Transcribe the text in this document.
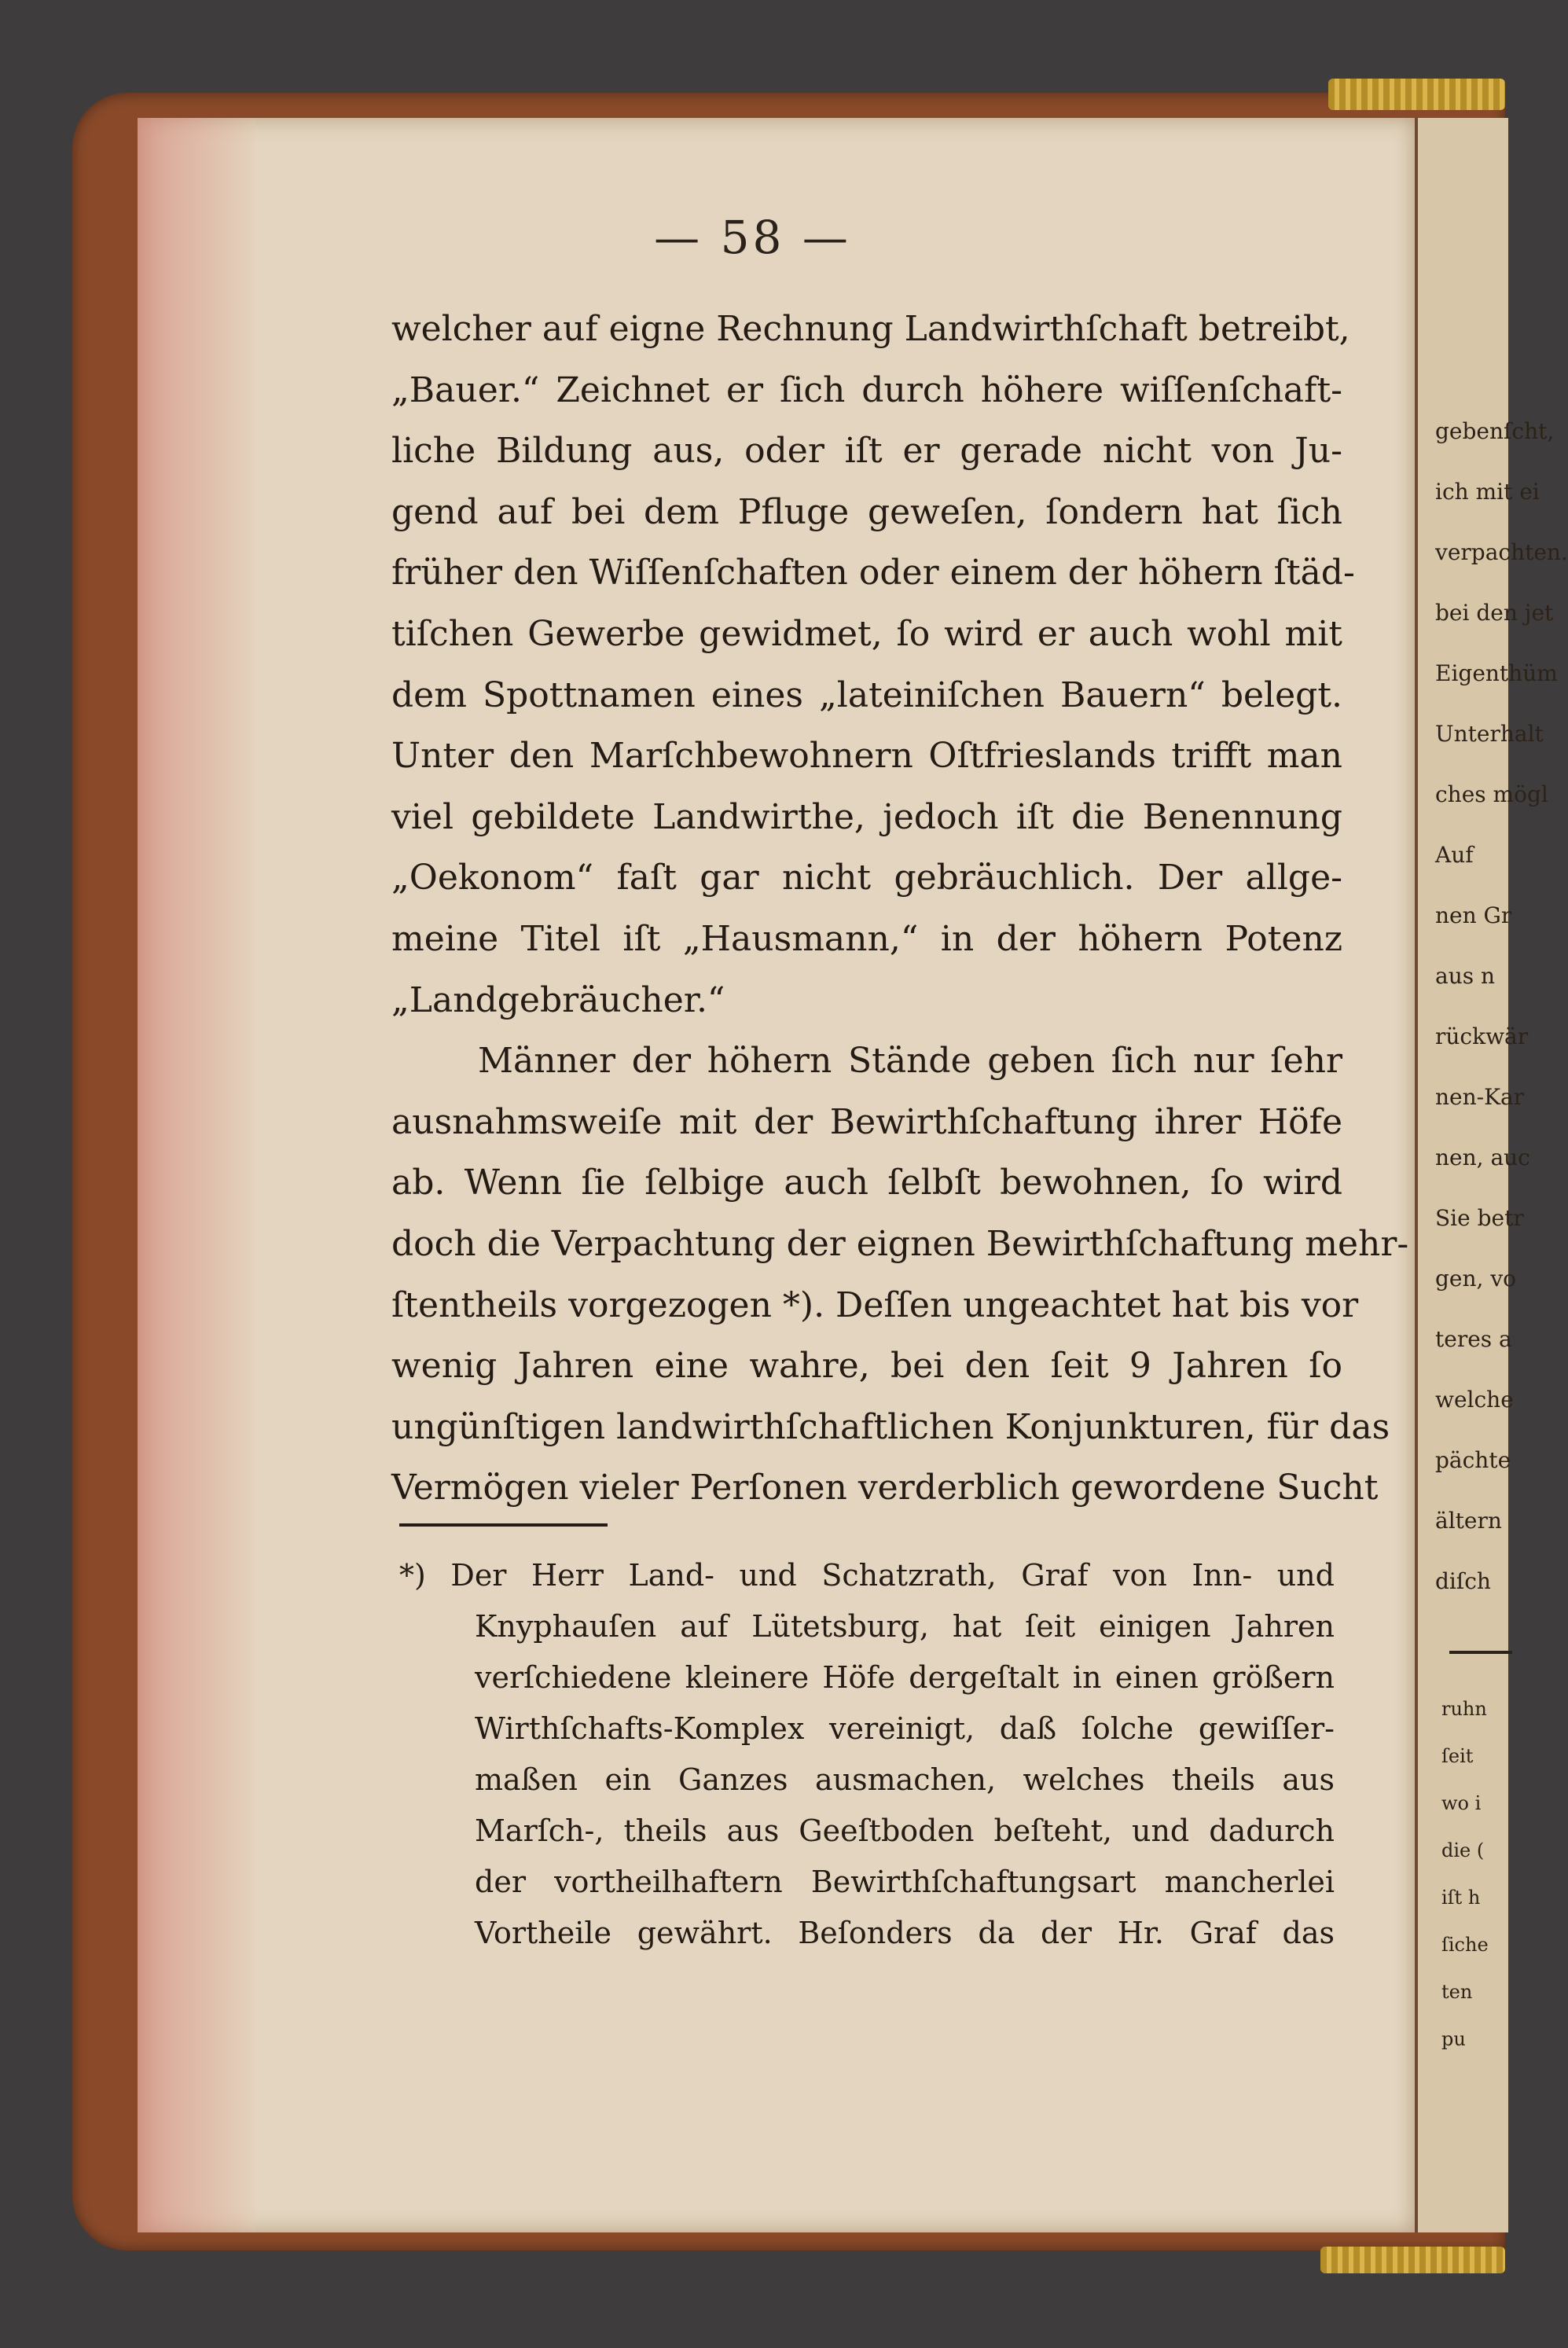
gebenſcht,
ich mit ei
verpachten.
bei den jet
Eigenthüm
Unterhalt
ches mögl
Auf
nen Gr
aus n
rückwär
nen-Kar
nen, auc
Sie betr
gen, vo
teres a
welche
pächte
ältern
diſch
ruhn
ſeit
wo i
die (
iſt h
ſiche
ten
pu
— 58 —
welcher auf eigne Rechnung Landwirthſchaft betreibt,
„Bauer.“ Zeichnet er ſich durch höhere wiſſenſchaft-
liche Bildung aus, oder iſt er gerade nicht von Ju-
gend auf bei dem Pfluge geweſen, ſondern hat ſich
früher den Wiſſenſchaften oder einem der höhern ſtäd-
tiſchen Gewerbe gewidmet, ſo wird er auch wohl mit
dem Spottnamen eines „lateiniſchen Bauern“ belegt.
Unter den Marſchbewohnern Oſtfrieslands trifft man
viel gebildete Landwirthe, jedoch iſt die Benennung
„Oekonom“ faſt gar nicht gebräuchlich. Der allge-
meine Titel iſt „Hausmann,“ in der höhern Potenz
„Landgebräucher.“
Männer der höhern Stände geben ſich nur ſehr
ausnahmsweiſe mit der Bewirthſchaftung ihrer Höfe
ab. Wenn ſie ſelbige auch ſelbſt bewohnen, ſo wird
doch die Verpachtung der eignen Bewirthſchaftung mehr-
ſtentheils vorgezogen *). Deſſen ungeachtet hat bis vor
wenig Jahren eine wahre, bei den ſeit 9 Jahren ſo
ungünſtigen landwirthſchaftlichen Konjunkturen, für das
Vermögen vieler Perſonen verderblich gewordene Sucht
*) Der Herr Land- und Schatzrath, Graf von Inn- und
Knyphauſen auf Lütetsburg, hat ſeit einigen Jahren
verſchiedene kleinere Höfe dergeſtalt in einen größern
Wirthſchafts-Komplex vereinigt, daß ſolche gewiſſer-
maßen ein Ganzes ausmachen, welches theils aus
Marſch-, theils aus Geeſtboden beſteht, und dadurch
der vortheilhaftern Bewirthſchaftungsart mancherlei
Vortheile gewährt. Beſonders da der Hr. Graf das
